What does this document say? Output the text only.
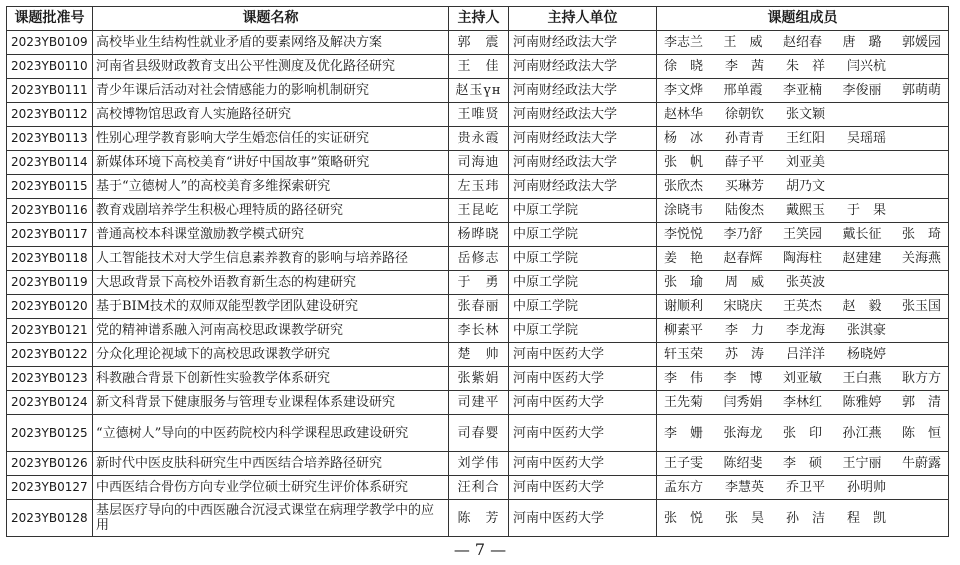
课题批准号	课题名称	主持人	主持人单位	课题组成员
2023YB0109	高校毕业生结构性就业矛盾的要素网络及解决方案	郭　震	河南财经政法大学	李志兰 王　威 赵绍春 唐　璐 郭媛园

2023YB0110	河南省县级财政教育支出公平性测度及优化路径研究	王　佳	河南财经政法大学	徐　晓 李　茜 朱　祥 闫兴杭

2023YB0111	青少年课后活动对社会情感能力的影响机制研究	赵玉үн	河南财经政法大学	李文烨 邢单霞 李亚楠 李俊丽 郭萌萌

2023YB0112	高校博物馆思政育人实施路径研究	王唯贤	河南财经政法大学	赵林华 徐朝钦 张文颖

2023YB0113	性别心理学教育影响大学生婚恋信任的实证研究	贵永霞	河南财经政法大学	杨　冰 孙青青 王红阳 吴瑶瑶

2023YB0114	新媒体环境下高校美育“讲好中国故事”策略研究	司海迪	河南财经政法大学	张　帆 薛子平 刘亚美

2023YB0115	基于“立德树人”的高校美育多维探索研究	左玉玮	河南财经政法大学	张欣杰 买琳芳 胡乃文

2023YB0116	教育戏剧培养学生积极心理特质的路径研究	王昆屹	中原工学院	涂晓韦 陆俊杰 戴熙玉 于　果

2023YB0117	普通高校本科课堂激励教学模式研究	杨晔晓	中原工学院	李悦悦 李乃舒 王笑园 戴长征 张　琦

2023YB0118	人工智能技术对大学生信息素养教育的影响与培养路径	岳修志	中原工学院	姜　艳 赵春辉 陶海柱 赵建建 关海燕

2023YB0119	大思政背景下高校外语教育新生态的构建研究	于　勇	中原工学院	张　瑜 周　威 张英波

2023YB0120	基于BIM技术的双师双能型教学团队建设研究	张春丽	中原工学院	谢顺利 宋晓庆 王英杰 赵　毅 张玉国

2023YB0121	党的精神谱系融入河南高校思政课教学研究	李长林	中原工学院	柳素平 李　力 李龙海 张淇豪

2023YB0122	分众化理论视域下的高校思政课教学研究	楚　帅	河南中医药大学	轩玉荣 苏　涛 吕洋洋 杨晓婷

2023YB0123	科教融合背景下创新性实验教学体系研究	张紫娟	河南中医药大学	李　伟 李　博 刘亚敏 王白燕 耿方方

2023YB0124	新文科背景下健康服务与管理专业课程体系建设研究	司建平	河南中医药大学	王先菊 闫秀娟 李林红 陈雅婷 郭　清

2023YB0125	“立德树人”导向的中医药院校内科学课程思政建设研究	司春婴	河南中医药大学	李　姗 张海龙 张　印 孙江燕 陈　恒

2023YB0126	新时代中医皮肤科研究生中西医结合培养路径研究	刘学伟	河南中医药大学	王子雯 陈绍斐 李　硕 王宁丽 牛蔚露

2023YB0127	中西医结合骨伤方向专业学位硕士研究生评价体系研究	汪利合	河南中医药大学	孟东方 李慧英 乔卫平 孙明帅

2023YB0128	基层医疗导向的中西医融合沉浸式课堂在病理学教学中的应用	陈　芳	河南中医药大学	张　悦 张　昊 孙　洁 程　凯
— 7 —
